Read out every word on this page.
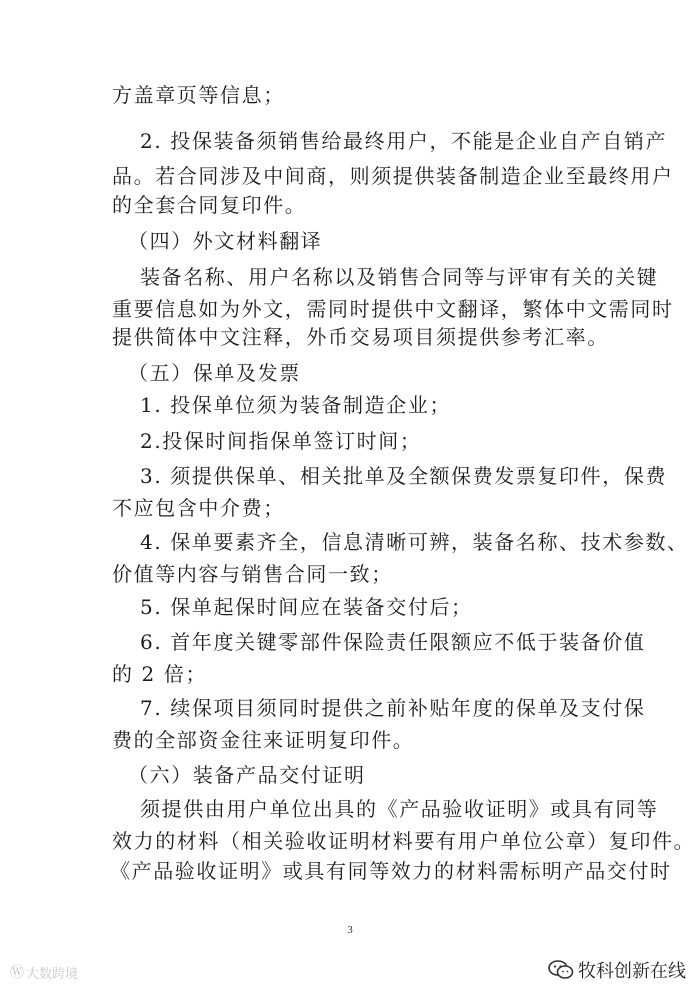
方盖章页等信息；
2. 投保装备须销售给最终用户，不能是企业自产自销产
品。若合同涉及中间商，则须提供装备制造企业至最终用户
的全套合同复印件。
（四）外文材料翻译
装备名称、用户名称以及销售合同等与评审有关的关键
重要信息如为外文，需同时提供中文翻译，繁体中文需同时
提供简体中文注释，外币交易项目须提供参考汇率。
（五）保单及发票
1. 投保单位须为装备制造企业；
2.投保时间指保单签订时间；
3. 须提供保单、相关批单及全额保费发票复印件，保费
不应包含中介费；
4. 保单要素齐全，信息清晰可辨，装备名称、技术参数、
价值等内容与销售合同一致；
5. 保单起保时间应在装备交付后；
6. 首年度关键零部件保险责任限额应不低于装备价值
的 2 倍；
7. 续保项目须同时提供之前补贴年度的保单及支付保
费的全部资金往来证明复印件。
（六）装备产品交付证明
须提供由用户单位出具的《产品验收证明》或具有同等
效力的材料（相关验收证明材料要有用户单位公章）复印件。
《产品验收证明》或具有同等效力的材料需标明产品交付时
3
Ⓦ 大数跨境	牧科创新在线
